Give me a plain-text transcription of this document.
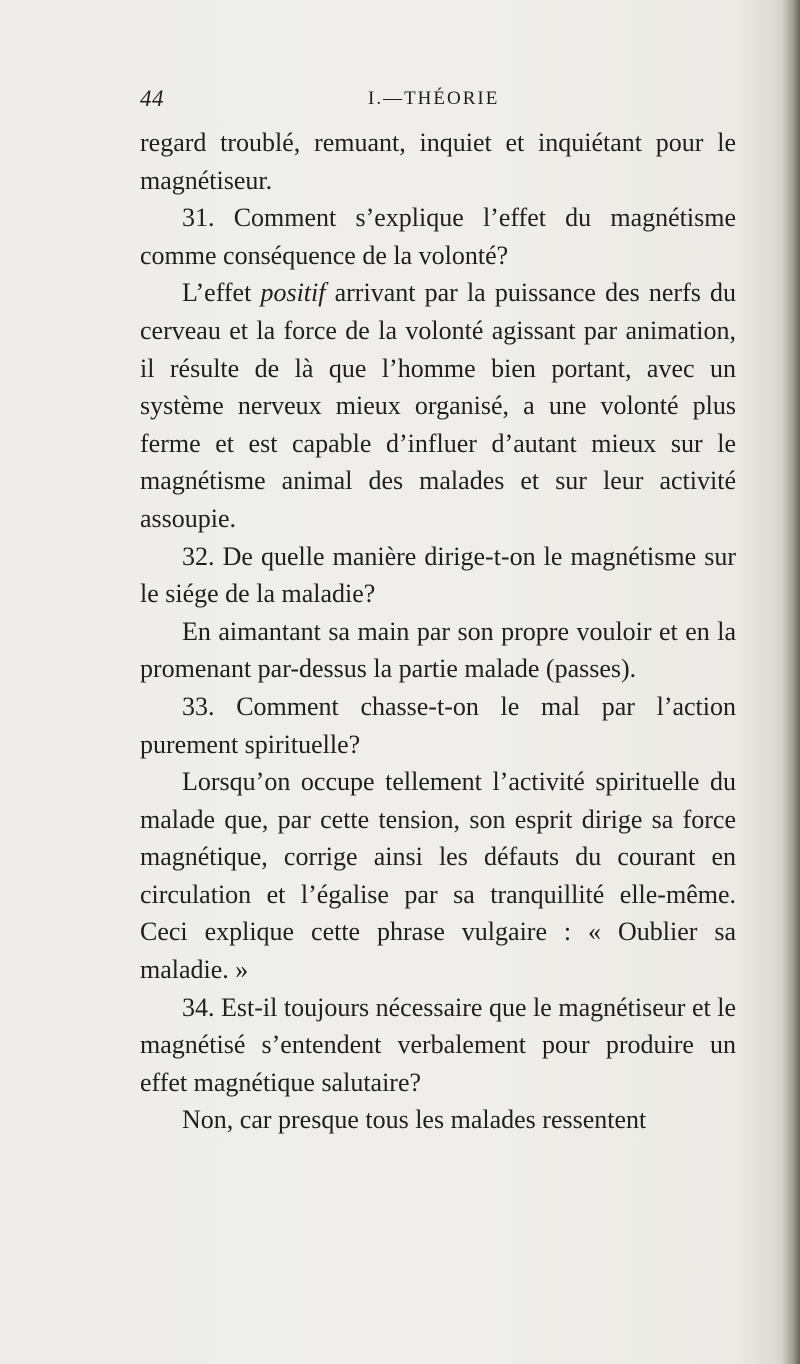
44	I.—THÉORIE

regard troublé, remuant, inquiet et inquiétant pour le magnétiseur.

31. Comment s’explique l’effet du magnétisme comme conséquence de la volonté?

L’effet positif arrivant par la puissance des nerfs du cerveau et la force de la volonté agissant par animation, il résulte de là que l’homme bien portant, avec un système nerveux mieux organisé, a une volonté plus ferme et est capable d’influer d’autant mieux sur le magnétisme animal des malades et sur leur activité assoupie.

32. De quelle manière dirige-t-on le magnétisme sur le siége de la maladie?

En aimantant sa main par son propre vouloir et en la promenant par-dessus la partie malade (passes).

33. Comment chasse-t-on le mal par l’action purement spirituelle?

Lorsqu’on occupe tellement l’activité spirituelle du malade que, par cette tension, son esprit dirige sa force magnétique, corrige ainsi les défauts du courant en circulation et l’égalise par sa tranquillité elle-même. Ceci explique cette phrase vulgaire : « Oublier sa maladie. »

34. Est-il toujours nécessaire que le magnétiseur et le magnétisé s’entendent verbalement pour produire un effet magnétique salutaire?

Non, car presque tous les malades ressentent
